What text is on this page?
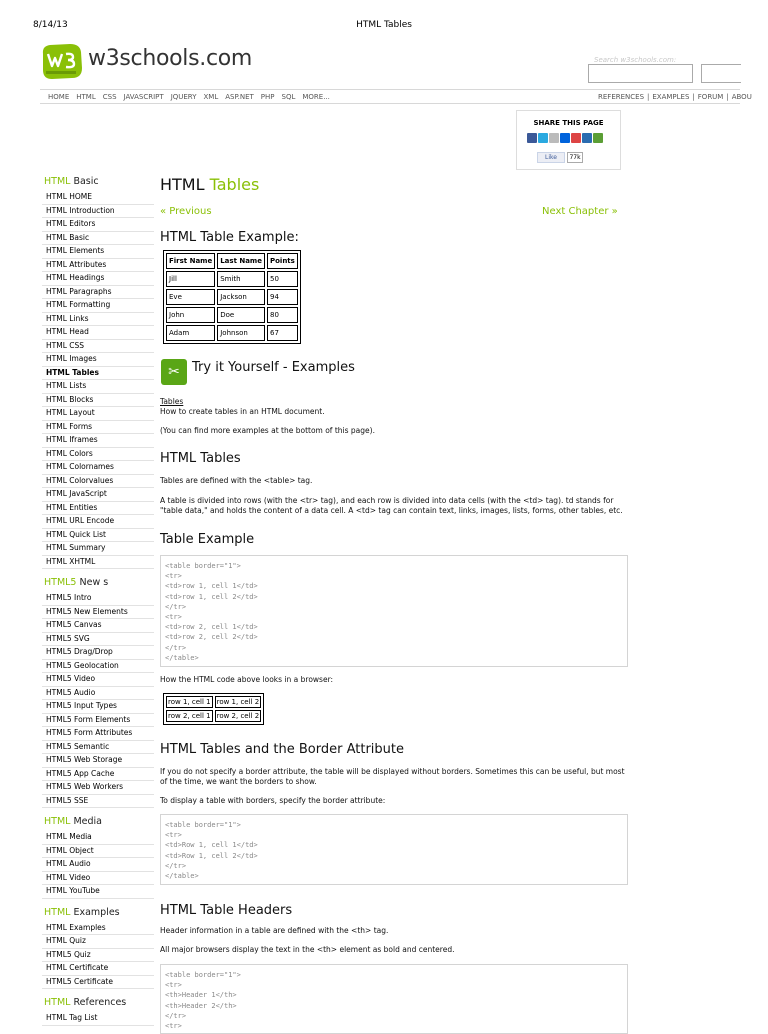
8/14/13	HTML Tables
w3schools.com	Search w3schools.com:
HOME HTML CSS JAVASCRIPT JQUERY XML ASP.NET PHP SQL MORE...	REFERENCES | EXAMPLES | FORUM | ABOU
SHARE THIS PAGE
Like	77k
HTML Basic
HTML HOME
HTML Introduction
HTML Editors
HTML Basic
HTML Elements
HTML Attributes
HTML Headings
HTML Paragraphs
HTML Formatting
HTML Links
HTML Head
HTML CSS
HTML Images
HTML Tables
HTML Lists
HTML Blocks
HTML Layout
HTML Forms
HTML Iframes
HTML Colors
HTML Colornames
HTML Colorvalues
HTML JavaScript
HTML Entities
HTML URL Encode
HTML Quick List
HTML Summary
HTML XHTML
HTML5 New s
HTML5 Intro
HTML5 New Elements
HTML5 Canvas
HTML5 SVG
HTML5 Drag/Drop
HTML5 Geolocation
HTML5 Video
HTML5 Audio
HTML5 Input Types
HTML5 Form Elements
HTML5 Form Attributes
HTML5 Semantic
HTML5 Web Storage
HTML5 App Cache
HTML5 Web Workers
HTML5 SSE
HTML Media
HTML Media
HTML Object
HTML Audio
HTML Video
HTML YouTube
HTML Examples
HTML Examples
HTML Quiz
HTML5 Quiz
HTML Certificate
HTML5 Certificate
HTML References
HTML Tag List
HTML Tables
« Previous	Next Chapter »
HTML Table Example:
First Name	Last Name	Points
Jill	Smith	50
Eve	Jackson	94
John	Doe	80
Adam	Johnson	67
✂ Try it Yourself - Examples

Tables

How to create tables in an HTML document.

(You can find more examples at the bottom of this page).

HTML Tables

Tables are defined with the <table> tag.

A table is divided into rows (with the <tr> tag), and each row is divided into data cells (with the <td> tag). td stands for "table data," and holds the content of a data cell. A <td> tag can contain text, links, images, lists, forms, other tables, etc.

Table Example
<table border="1">
<tr>
<td>row 1, cell 1</td>
<td>row 1, cell 2</td>
</tr>
<tr>
<td>row 2, cell 1</td>
<td>row 2, cell 2</td>
</tr>
</table>

How the HTML code above looks in a browser:

row 1, cell 1	row 1, cell 2
row 2, cell 1	row 2, cell 2
HTML Tables and the Border Attribute

If you do not specify a border attribute, the table will be displayed without borders. Sometimes this can be useful, but most of the time, we want the borders to show.

To display a table with borders, specify the border attribute:

<table border="1">
<tr>
<td>Row 1, cell 1</td>
<td>Row 1, cell 2</td>
</tr>
</table>
HTML Table Headers

Header information in a table are defined with the <th> tag.

All major browsers display the text in the <th> element as bold and centered.

<table border="1">
<tr>
<th>Header 1</th>
<th>Header 2</th>
</tr>
<tr>
